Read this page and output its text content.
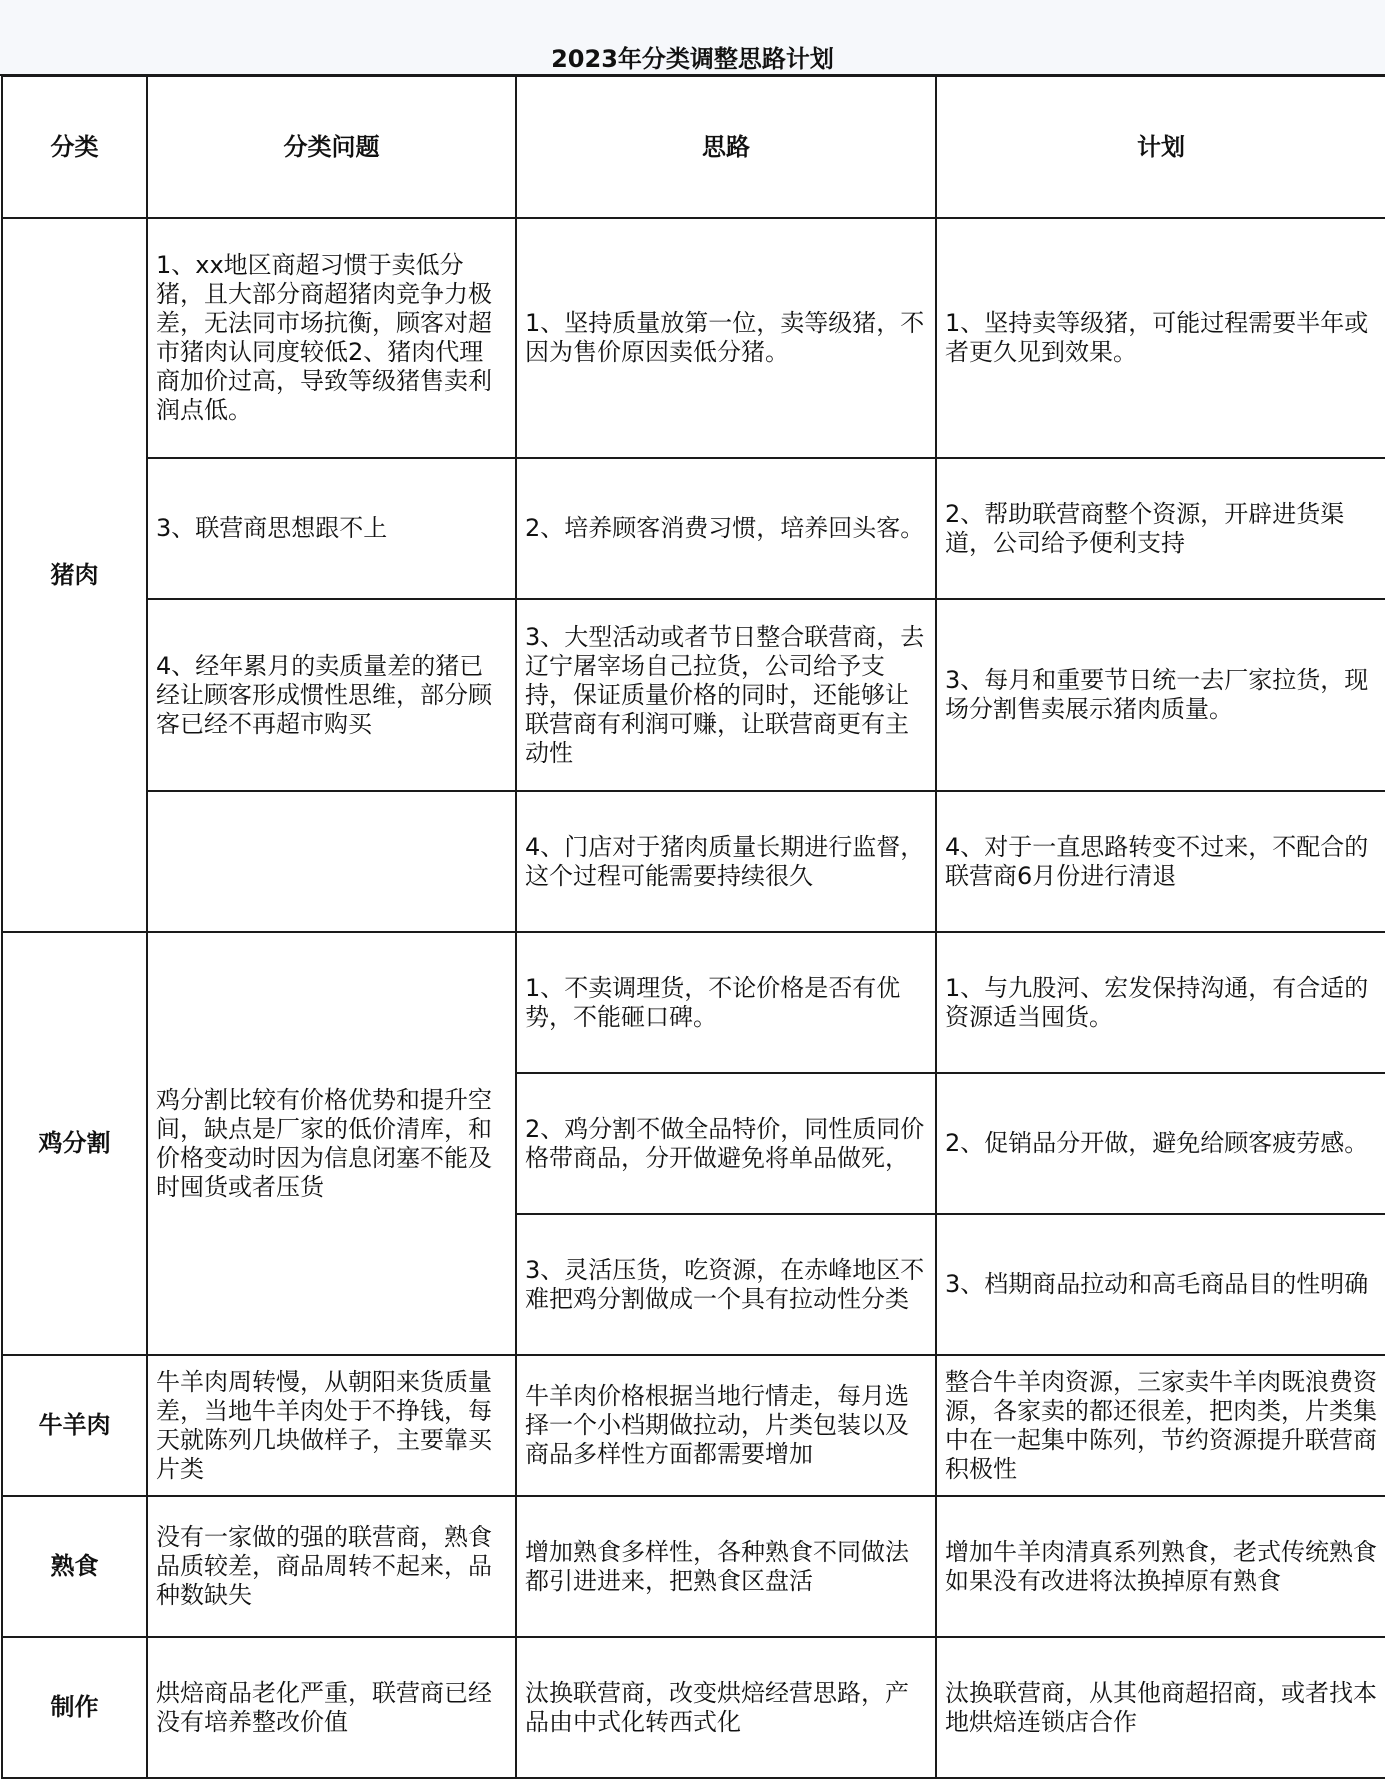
2023年分类调整思路计划
分类	分类问题	思路	计划
猪肉	1、xx地区商超习惯于卖低分猪，且大部分商超猪肉竞争力极差，无法同市场抗衡，顾客对超市猪肉认同度较低2、猪肉代理商加价过高，导致等级猪售卖利润点低。	1、坚持质量放第一位，卖等级猪，不因为售价原因卖低分猪。	1、坚持卖等级猪，可能过程需要半年或者更久见到效果。
	3、联营商思想跟不上	2、培养顾客消费习惯，培养回头客。	2、帮助联营商整个资源，开辟进货渠道，公司给予便利支持
	4、经年累月的卖质量差的猪已经让顾客形成惯性思维，部分顾客已经不再超市购买	3、大型活动或者节日整合联营商，去辽宁屠宰场自己拉货，公司给予支持，保证质量价格的同时，还能够让联营商有利润可赚，让联营商更有主动性	3、每月和重要节日统一去厂家拉货，现场分割售卖展示猪肉质量。
		4、门店对于猪肉质量长期进行监督，这个过程可能需要持续很久	4、对于一直思路转变不过来，不配合的联营商6月份进行清退
鸡分割	鸡分割比较有价格优势和提升空间，缺点是厂家的低价清库，和价格变动时因为信息闭塞不能及时囤货或者压货	1、不卖调理货，不论价格是否有优势，不能砸口碑。	1、与九股河、宏发保持沟通，有合适的资源适当囤货。
		2、鸡分割不做全品特价，同性质同价格带商品，分开做避免将单品做死，	2、促销品分开做，避免给顾客疲劳感。
		3、灵活压货，吃资源，在赤峰地区不难把鸡分割做成一个具有拉动性分类	3、档期商品拉动和高毛商品目的性明确
牛羊肉	牛羊肉周转慢，从朝阳来货质量差，当地牛羊肉处于不挣钱，每天就陈列几块做样子，主要靠买片类	牛羊肉价格根据当地行情走，每月选择一个小档期做拉动，片类包装以及商品多样性方面都需要增加	整合牛羊肉资源，三家卖牛羊肉既浪费资源，各家卖的都还很差，把肉类，片类集中在一起集中陈列，节约资源提升联营商积极性
熟食	没有一家做的强的联营商，熟食品质较差，商品周转不起来，品种数缺失	增加熟食多样性，各种熟食不同做法都引进进来，把熟食区盘活	增加牛羊肉清真系列熟食，老式传统熟食如果没有改进将汰换掉原有熟食
制作	烘焙商品老化严重，联营商已经没有培养整改价值	汰换联营商，改变烘焙经营思路，产品由中式化转西式化	汰换联营商，从其他商超招商，或者找本地烘焙连锁店合作
